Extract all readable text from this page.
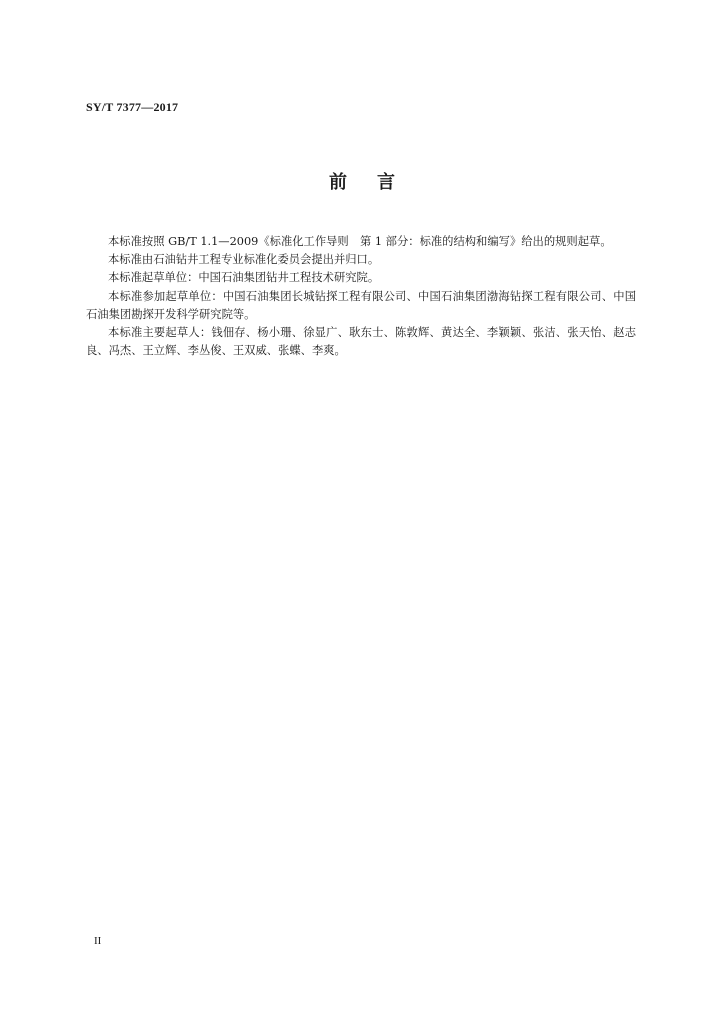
SY/T 7377—2017
前言

本标准按照 GB/T 1.1—2009《标准化工作导则　第 1 部分：标准的结构和编写》给出的规则起草。

本标准由石油钻井工程专业标准化委员会提出并归口。

本标准起草单位：中国石油集团钻井工程技术研究院。

本标准参加起草单位：中国石油集团长城钻探工程有限公司、中国石油集团渤海钻探工程有限公司、中国石油集团勘探开发科学研究院等。

本标准主要起草人：钱佃存、杨小珊、徐显广、耿东士、陈敦辉、黄达全、李颖颖、张洁、张天怡、赵志良、冯杰、王立辉、李丛俊、王双威、张蝶、李爽。

II
